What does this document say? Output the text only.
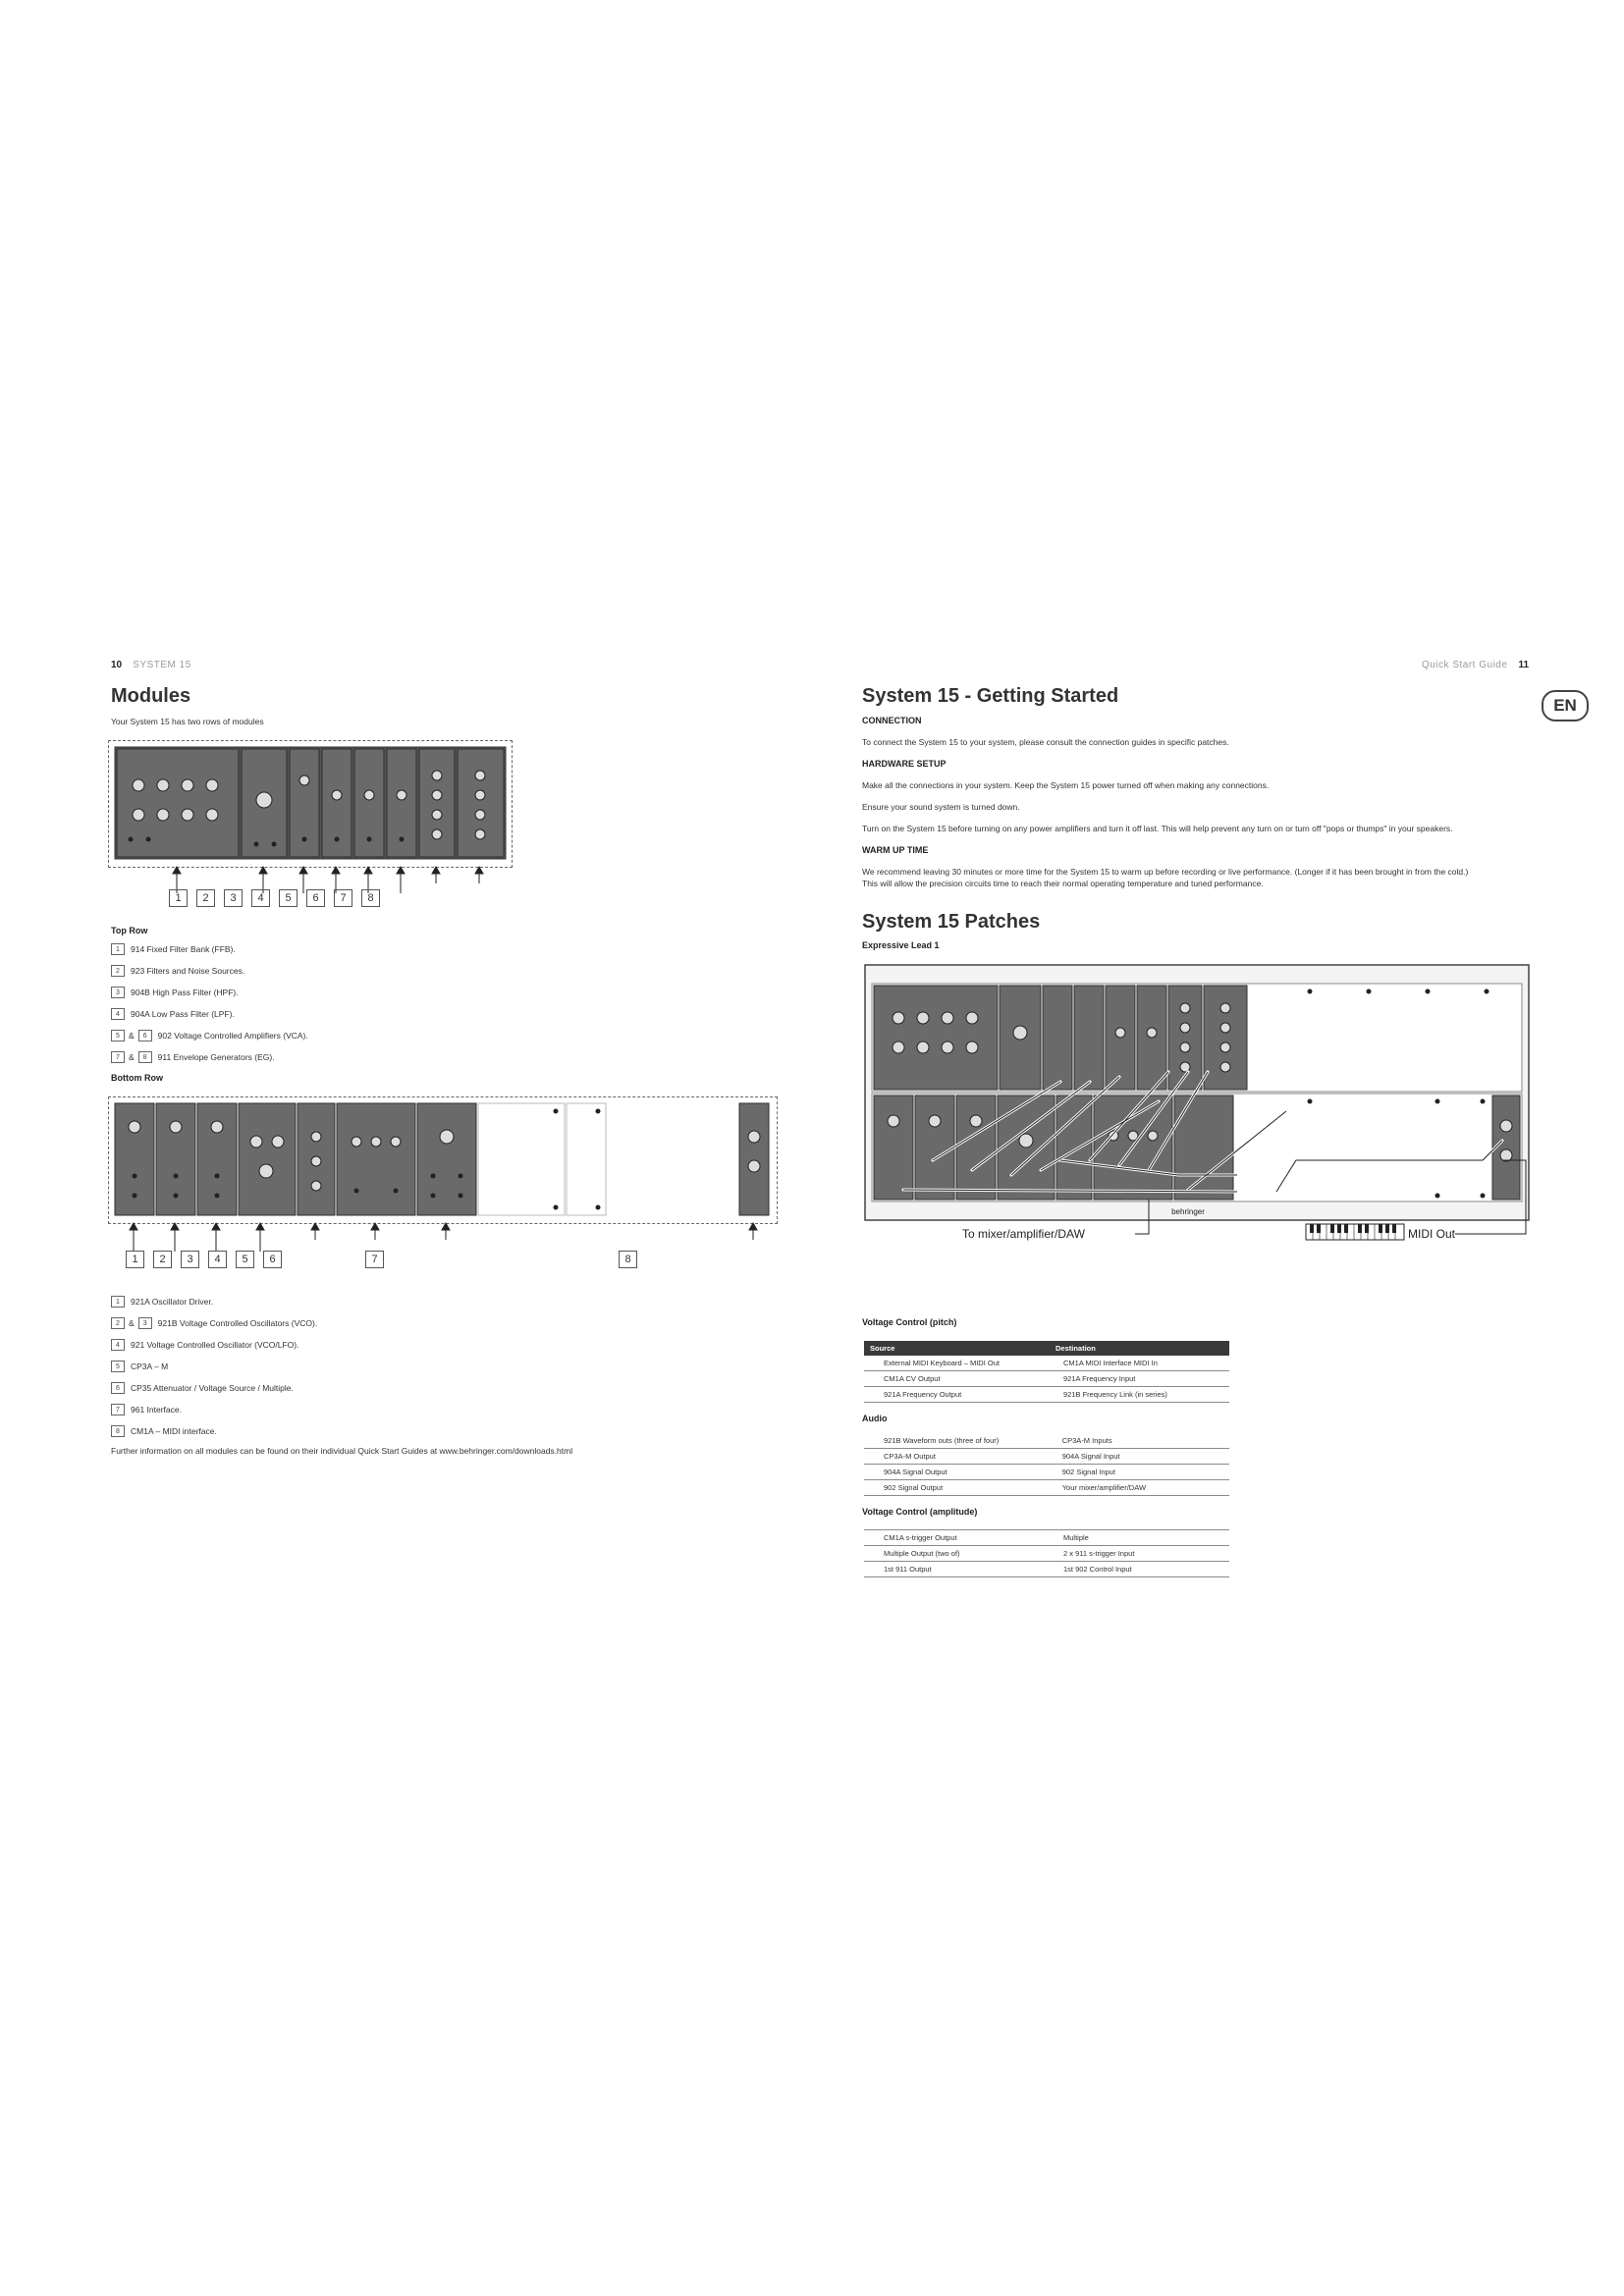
10 SYSTEM 15
Modules
Your System 15 has two rows of modules
1	2	3	4	5	6	7	8
Top Row
1	914 Fixed Filter Bank (FFB).
2	923 Filters and Noise Sources.
3	904B High Pass Filter (HPF).
4	904A Low Pass Filter (LPF).
5	&	6	902 Voltage Controlled Amplifiers (VCA).
7	&	8	911 Envelope Generators (EG).
Bottom Row
1	2	3	4	5	6	7	8
1	921A Oscillator Driver.
2	&	3	921B Voltage Controlled Oscillators (VCO).
4	921 Voltage Controlled Oscillator (VCO/LFO).
5	CP3A – M
6	CP35 Attenuator / Voltage Source / Multiple.
7	961 Interface.
8	CM1A – MIDI interface.
Further information on all modules can be found on their individual Quick Start Guides at www.behringer.com/downloads.html
Quick Start Guide 11
EN
System 15 - Getting Started
CONNECTION
To connect the System 15 to your system, please consult the connection guides in specific patches.
HARDWARE SETUP
Make all the connections in your system. Keep the System 15 power turned off when making any connections.
Ensure your sound system is turned down.
Turn on the System 15 before turning on any power amplifiers and turn it off last. This will help prevent any turn on or turn off "pops or thumps" in your speakers.
WARM UP TIME
We recommend leaving 30 minutes or more time for the System 15 to warm up before recording or live performance. (Longer if it has been brought in from the cold.)
This will allow the precision circuits time to reach their normal operating temperature and tuned performance.
System 15 Patches
Expressive Lead 1
behringer
To mixer/amplifier/DAW	MIDI Out
Voltage Control (pitch)
Source	Destination
External MIDI Keyboard – MIDI Out	CM1A MIDI Interface MIDI In
CM1A CV Output	921A Frequency Input
921A Frequency Output	921B Frequency Link (in series)
Audio
921B Waveform outs (three of four)	CP3A-M Inputs
CP3A-M Output	904A Signal Input
904A Signal Output	902 Signal Input
902 Signal Output	Your mixer/amplifier/DAW
Voltage Control (amplitude)
CM1A s-trigger Output	Multiple
Multiple Output (two of)	2 x 911 s-trigger Input
1st 911 Output	1st 902 Control Input
